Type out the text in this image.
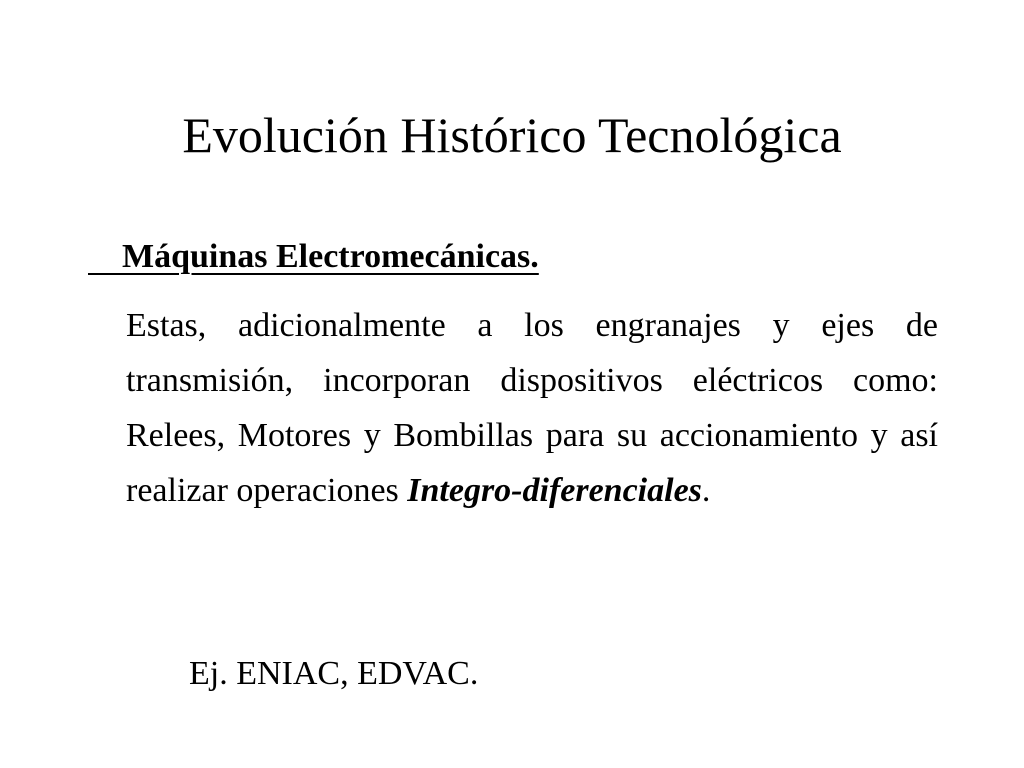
Evolución Histórico Tecnológica

Máquinas Electromecánicas.

Estas, adicionalmente a los engranajes y ejes de transmisión, incorporan dispositivos eléctricos como: Relees, Motores y Bombillas para su accionamiento y así realizar operaciones Integro-diferenciales.

Ej. ENIAC, EDVAC.
